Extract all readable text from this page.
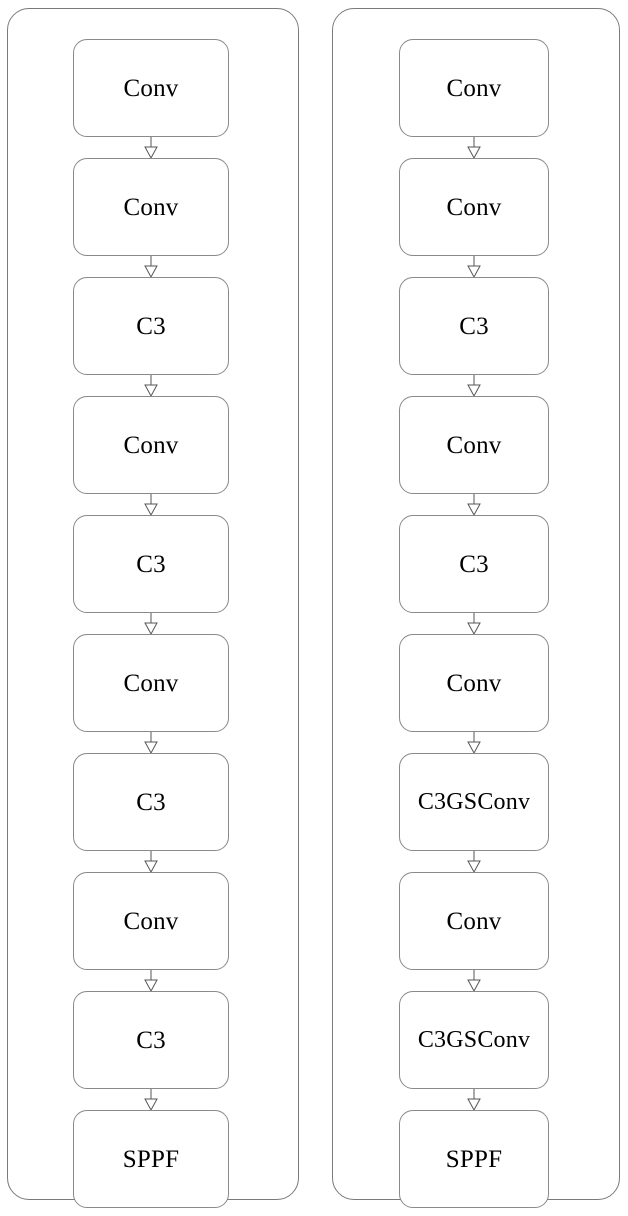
Conv
Conv
C3
Conv
C3
Conv
C3
Conv
C3
SPPF
Conv
Conv
C3
Conv
C3
Conv
C3GSConv
Conv
C3GSConv
SPPF
